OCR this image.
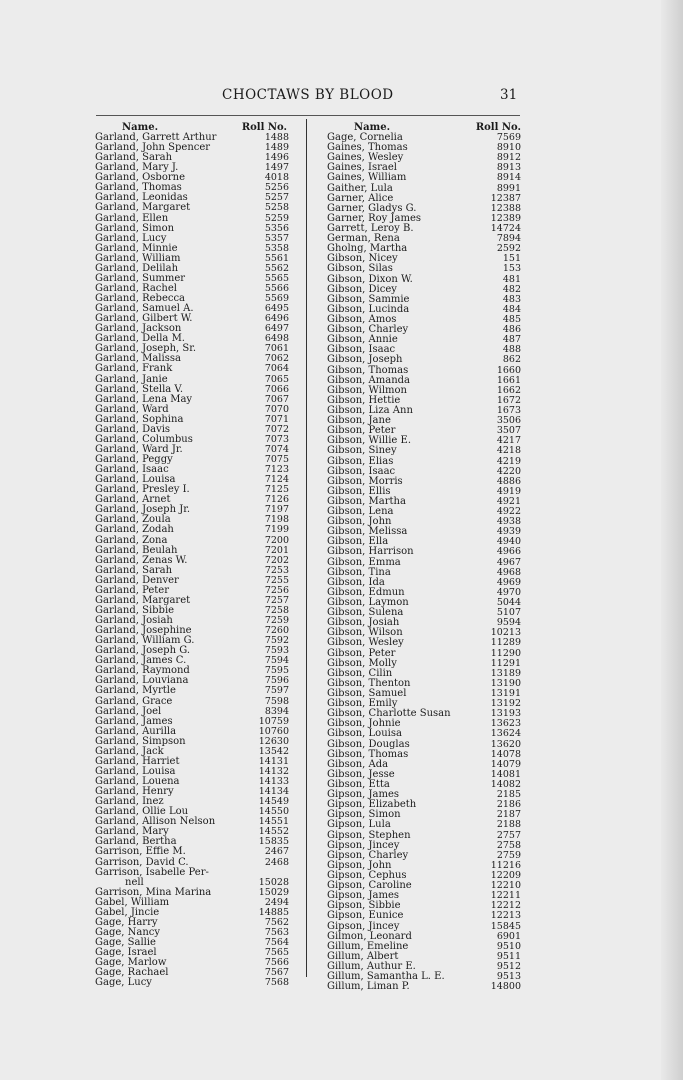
CHOCTAWS BY BLOOD	31
Name.	Roll No.
Garland, Garrett Arthur	1488
Garland, John Spencer	1489
Garland, Sarah	1496
Garland, Mary J.	1497
Garland, Osborne	4018
Garland, Thomas	5256
Garland, Leonidas	5257
Garland, Margaret	5258
Garland, Ellen	5259
Garland, Simon	5356
Garland, Lucy	5357
Garland, Minnie	5358
Garland, William	5561
Garland, Delilah	5562
Garland, Summer	5565
Garland, Rachel	5566
Garland, Rebecca	5569
Garland, Samuel A.	6495
Garland, Gilbert W.	6496
Garland, Jackson	6497
Garland, Della M.	6498
Garland, Joseph, Sr.	7061
Garland, Malissa	7062
Garland, Frank	7064
Garland, Janie	7065
Garland, Stella V.	7066
Garland, Lena May	7067
Garland, Ward	7070
Garland, Sophina	7071
Garland, Davis	7072
Garland, Columbus	7073
Garland, Ward Jr.	7074
Garland, Peggy	7075
Garland, Isaac	7123
Garland, Louisa	7124
Garland, Presley I.	7125
Garland, Arnet	7126
Garland, Joseph Jr.	7197
Garland, Zoula	7198
Garland, Zodah	7199
Garland, Zona	7200
Garland, Beulah	7201
Garland, Zenas W.	7202
Garland, Sarah	7253
Garland, Denver	7255
Garland, Peter	7256
Garland, Margaret	7257
Garland, Sibbie	7258
Garland, Josiah	7259
Garland, Josephine	7260
Garland, William G.	7592
Garland, Joseph G.	7593
Garland, James C.	7594
Garland, Raymond	7595
Garland, Louviana	7596
Garland, Myrtle	7597
Garland, Grace	7598
Garland, Joel	8394
Garland, James	10759
Garland, Aurilla	10760
Garland, Simpson	12630
Garland, Jack	13542
Garland, Harriet	14131
Garland, Louisa	14132
Garland, Louena	14133
Garland, Henry	14134
Garland, Inez	14549
Garland, Ollie Lou	14550
Garland, Allison Nelson	14551
Garland, Mary	14552
Garland, Bertha	15835
Garrison, Effie M.	2467
Garrison, David C.	2468
Garrison, Isabelle Per-
nell	15028
Garrison, Mina Marina	15029
Gabel, William	2494
Gabel, Jincie	14885
Gage, Harry	7562
Gage, Nancy	7563
Gage, Sallie	7564
Gage, Israel	7565
Gage, Marlow	7566
Gage, Rachael	7567
Gage, Lucy	7568
Name.	Roll No.
Gage, Cornelia	7569
Gaines, Thomas	8910
Gaines, Wesley	8912
Gaines, Israel	8913
Gaines, William	8914
Gaither, Lula	8991
Garner, Alice	12387
Garner, Gladys G.	12388
Garner, Roy James	12389
Garrett, Leroy B.	14724
German, Rena	7894
Gholng, Martha	2592
Gibson, Nicey	151
Gibson, Silas	153
Gibson, Dixon W.	481
Gibson, Dicey	482
Gibson, Sammie	483
Gibson, Lucinda	484
Gibson, Amos	485
Gibson, Charley	486
Gibson, Annie	487
Gibson, Isaac	488
Gibson, Joseph	862
Gibson, Thomas	1660
Gibson, Amanda	1661
Gibson, Wilmon	1662
Gibson, Hettie	1672
Gibson, Liza Ann	1673
Gibson, Jane	3506
Gibson, Peter	3507
Gibson, Willie E.	4217
Gibson, Siney	4218
Gibson, Elias	4219
Gibson, Isaac	4220
Gibson, Morris	4886
Gibson, Ellis	4919
Gibson, Martha	4921
Gibson, Lena	4922
Gibson, John	4938
Gibson, Melissa	4939
Gibson, Ella	4940
Gibson, Harrison	4966
Gibson, Emma	4967
Gibson, Tina	4968
Gibson, Ida	4969
Gibson, Edmun	4970
Gibson, Laymon	5044
Gibson, Sulena	5107
Gibson, Josiah	9594
Gibson, Wilson	10213
Gibson, Wesley	11289
Gibson, Peter	11290
Gibson, Molly	11291
Gibson, Cilin	13189
Gibson, Thenton	13190
Gibson, Samuel	13191
Gibson, Emily	13192
Gibson, Charlotte Susan	13193
Gibson, Johnie	13623
Gibson, Louisa	13624
Gibson, Douglas	13620
Gibson, Thomas	14078
Gibson, Ada	14079
Gibson, Jesse	14081
Gibson, Etta	14082
Gipson, James	2185
Gipson, Elizabeth	2186
Gipson, Simon	2187
Gipson, Lula	2188
Gipson, Stephen	2757
Gipson, Jincey	2758
Gipson, Charley	2759
Gipson, John	11216
Gipson, Cephus	12209
Gipson, Caroline	12210
Gipson, James	12211
Gipson, Sibbie	12212
Gipson, Eunice	12213
Gipson, Jincey	15845
Gilmon, Leonard	6901
Gillum, Emeline	9510
Gillum, Albert	9511
Gillum, Authur E.	9512
Gillum, Samantha L. E.	9513
Gillum, Liman P.	14800
